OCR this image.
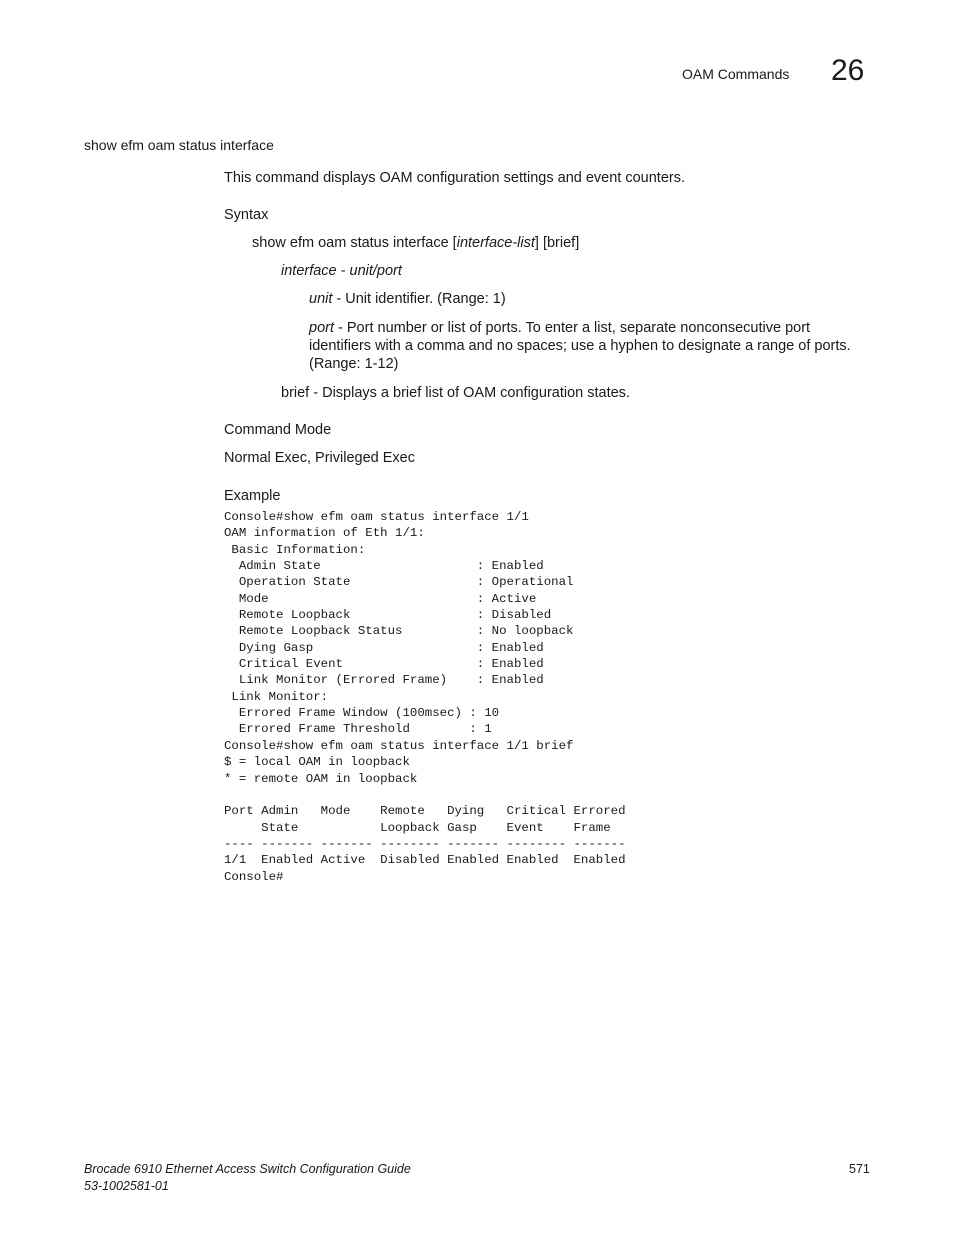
OAM Commands 26
show efm oam status interface
This command displays OAM configuration settings and event counters.
Syntax
show efm oam status interface [interface-list] [brief]
interface - unit/port
unit - Unit identifier. (Range: 1)
port - Port number or list of ports. To enter a list, separate nonconsecutive port identifiers with a comma and no spaces; use a hyphen to designate a range of ports. (Range: 1-12)
brief - Displays a brief list of OAM configuration states.
Command Mode
Normal Exec, Privileged Exec
Example
Console#show efm oam status interface 1/1
OAM information of Eth 1/1:
Basic Information:
Admin State                     : Enabled
Operation State                 : Operational
Mode                            : Active
Remote Loopback                 : Disabled
Remote Loopback Status          : No loopback
Dying Gasp                      : Enabled
Critical Event                  : Enabled
Link Monitor (Errored Frame)    : Enabled
Link Monitor:
Errored Frame Window (100msec) : 10
Errored Frame Threshold        : 1
Console#show efm oam status interface 1/1 brief
$ = local OAM in loopback
* = remote OAM in loopback

Port Admin   Mode    Remote   Dying   Critical Errored
State           Loopback Gasp    Event    Frame
---- ------- ------- -------- ------- -------- -------
1/1  Enabled Active  Disabled Enabled Enabled  Enabled
Console#
Brocade 6910 Ethernet Access Switch Configuration Guide
53-1002581-01
571
